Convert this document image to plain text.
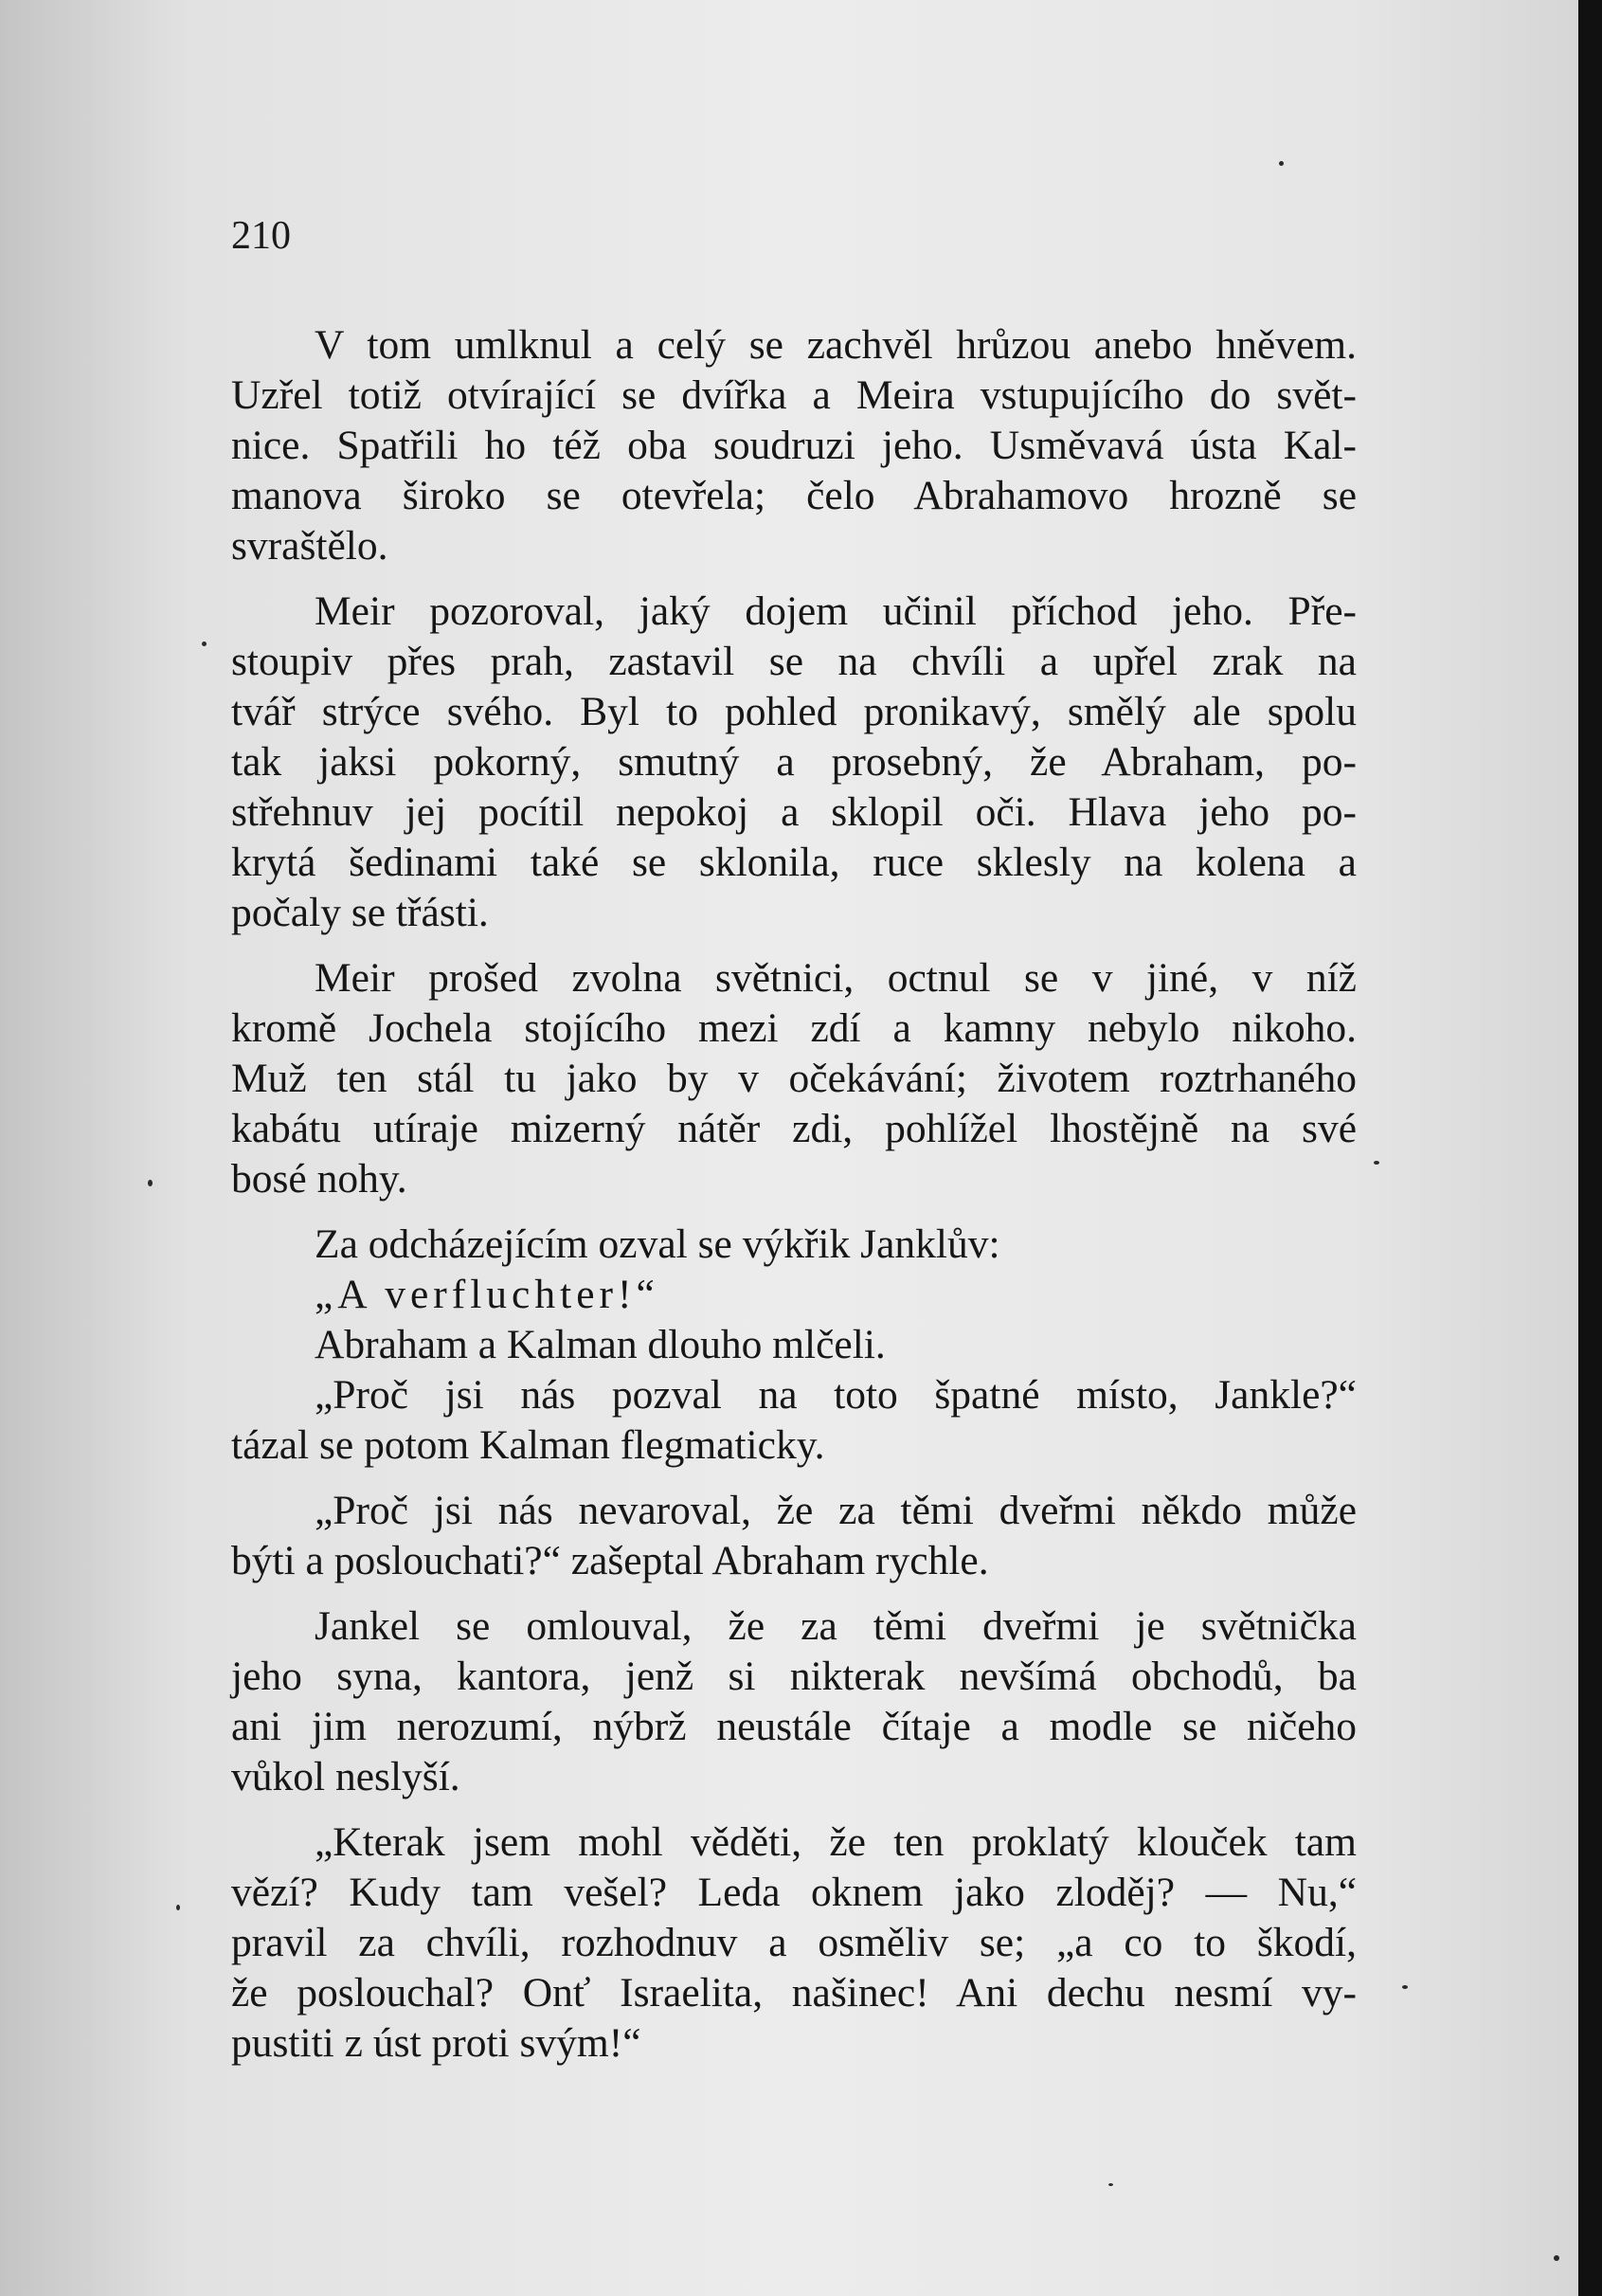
210

V tom umlknul a celý se zachvěl hrůzou anebo hněvem.
Uzřel totiž otvírající se dvířka a Meira vstupujícího do svět-
nice. Spatřili ho též oba soudruzi jeho. Usměvavá ústa Kal-
manova široko se otevřela; čelo Abrahamovo hrozně se
svraštělo.

Meir pozoroval, jaký dojem učinil příchod jeho. Pře-
stoupiv přes prah, zastavil se na chvíli a upřel zrak na
tvář strýce svého. Byl to pohled pronikavý, smělý ale spolu
tak jaksi pokorný, smutný a prosebný, že Abraham, po-
střehnuv jej pocítil nepokoj a sklopil oči. Hlava jeho po-
krytá šedinami také se sklonila, ruce sklesly na kolena a
počaly se třásti.

Meir prošed zvolna světnici, octnul se v jiné, v níž
kromě Jochela stojícího mezi zdí a kamny nebylo nikoho.
Muž ten stál tu jako by v očekávání; životem roztrhaného
kabátu utíraje mizerný nátěr zdi, pohlížel lhostějně na své
bosé nohy.

Za odcházejícím ozval se výkřik Janklův:

„A verfluchter!“

Abraham a Kalman dlouho mlčeli.

„Proč jsi nás pozval na toto špatné místo, Jankle?“
tázal se potom Kalman flegmaticky.

„Proč jsi nás nevaroval, že za těmi dveřmi někdo může
býti a poslouchati?“ zašeptal Abraham rychle.

Jankel se omlouval, že za těmi dveřmi je světnička
jeho syna, kantora, jenž si nikterak nevšímá obchodů, ba
ani jim nerozumí, nýbrž neustále čítaje a modle se ničeho
vůkol neslyší.

„Kterak jsem mohl věděti, že ten proklatý klouček tam
vězí? Kudy tam vešel? Leda oknem jako zloděj? — Nu,“
pravil za chvíli, rozhodnuv a osměliv se; „a co to škodí,
že poslouchal? Onť Israelita, našinec! Ani dechu nesmí vy-
pustiti z úst proti svým!“
